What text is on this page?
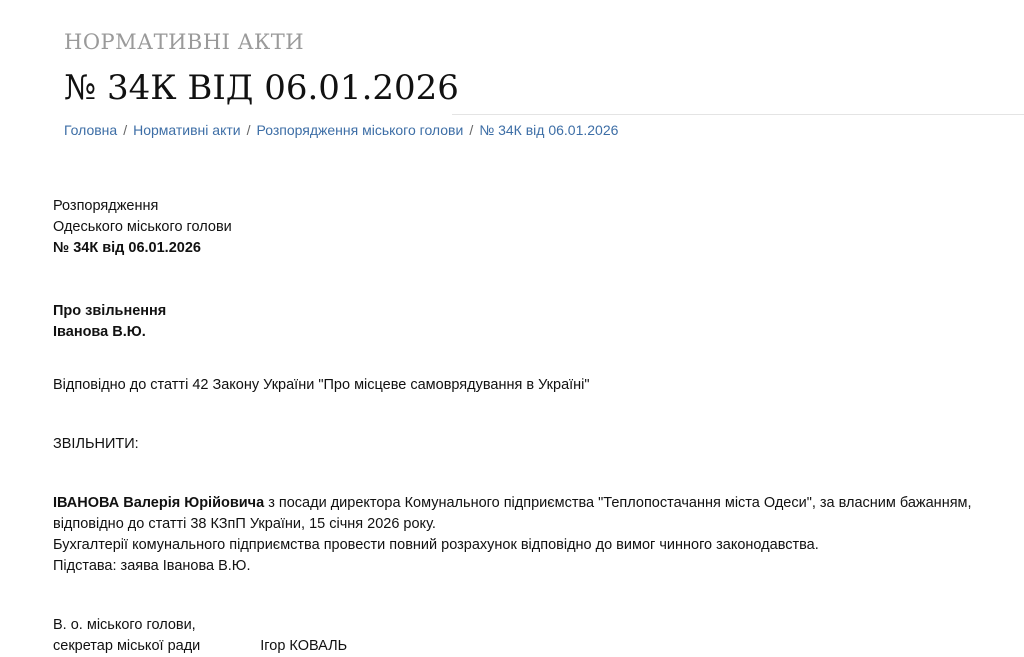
НОРМАТИВНІ АКТИ
№ 34К ВІД 06.01.2026
Головна / Нормативні акти / Розпорядження міського голови / № 34К від 06.01.2026

Розпорядження

Одеського міського голови

№ 34К від 06.01.2026

Про звільнення

Іванова В.Ю.

Відповідно до статті 42 Закону України "Про місцеве самоврядування в Україні"

ЗВІЛЬНИТИ:

ІВАНОВА Валерія Юрійовича з посади директора Комунального підприємства "Теплопостачання міста Одеси", за власним бажанням, відповідно до статті 38 КЗпП України, 15 січня 2026 року.

Бухгалтерії комунального підприємства провести повний розрахунок відповідно до вимог чинного законодавства.

Підстава: заява Іванова В.Ю.

В. о. міського голови,

секретар міської ради	Ігор КОВАЛЬ
